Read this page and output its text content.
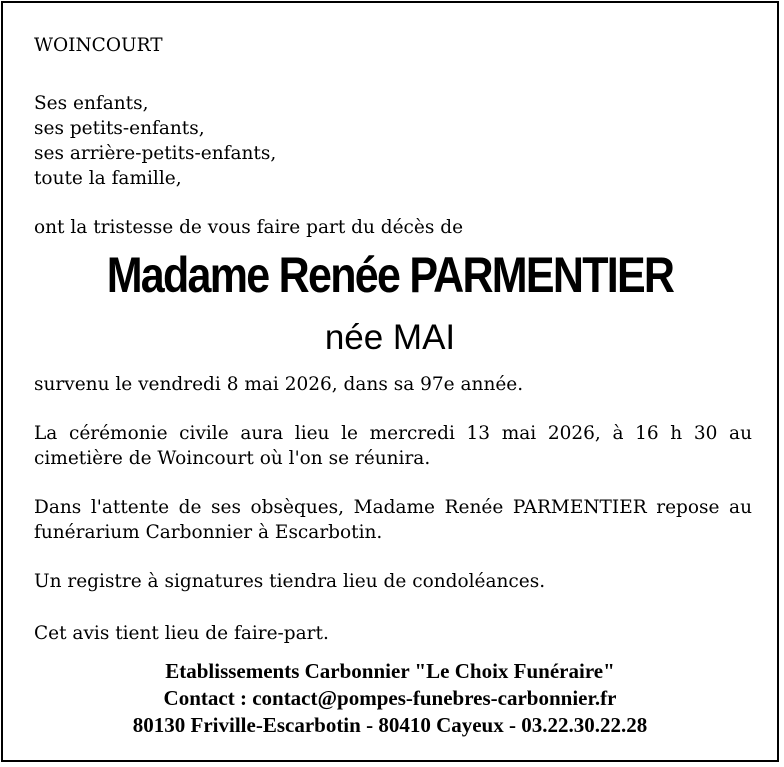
WOINCOURT

Ses enfants,

ses petits-enfants,

ses arrière-petits-enfants,

toute la famille,

ont la tristesse de vous faire part du décès de

Madame Renée PARMENTIER

née MAI

survenu le vendredi 8 mai 2026, dans sa 97e année.

La cérémonie civile aura lieu le mercredi 13 mai 2026, à 16 h 30 au cimetière de Woincourt où l'on se réunira.

Dans l'attente de ses obsèques, Madame Renée PARMENTIER repose au funérarium Carbonnier à Escarbotin.

Un registre à signatures tiendra lieu de condoléances.

Cet avis tient lieu de faire-part.

Etablissements Carbonnier "Le Choix Funéraire"

Contact : contact@pompes-funebres-carbonnier.fr

80130 Friville-Escarbotin - 80410 Cayeux - 03.22.30.22.28
